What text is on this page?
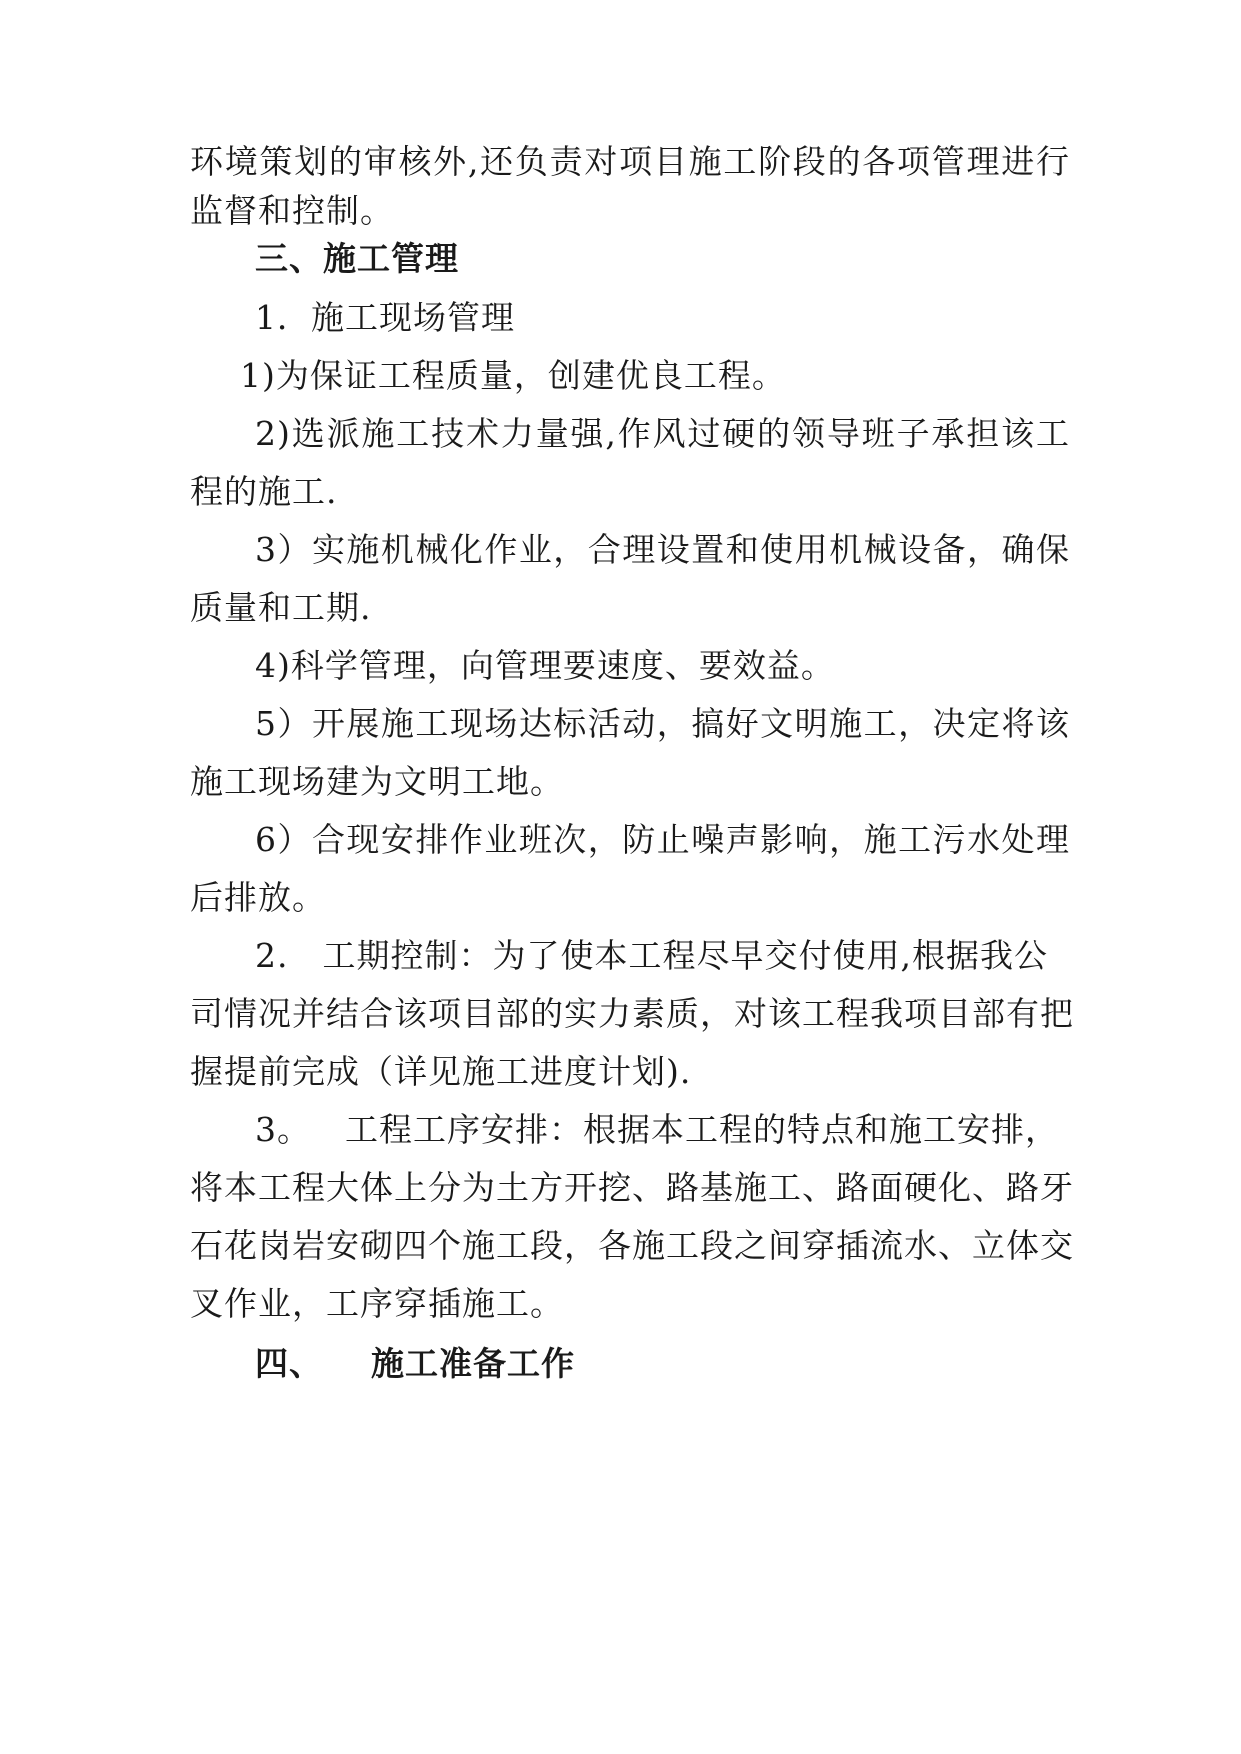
环境策划的审核外,还负责对项目施工阶段的各项管理进行
监督和控制。
三、施工管理
1．施工现场管理
1)为保证工程质量，创建优良工程。
2)选派施工技术力量强,作风过硬的领导班子承担该工
程的施工.
3）实施机械化作业，合理设置和使用机械设备，确保
质量和工期.
4)科学管理，向管理要速度、要效益。
5）开展施工现场达标活动，搞好文明施工，决定将该
施工现场建为文明工地。
6）合现安排作业班次，防止噪声影响，施工污水处理
后排放。
2. 工期控制：为了使本工程尽早交付使用,根据我公
司情况并结合该项目部的实力素质，对该工程我项目部有把
握提前完成（详见施工进度计划).
3。 工程工序安排：根据本工程的特点和施工安排，
将本工程大体上分为土方开挖、路基施工、路面硬化、路牙
石花岗岩安砌四个施工段，各施工段之间穿插流水、立体交
叉作业，工序穿插施工。
四、 施工准备工作
